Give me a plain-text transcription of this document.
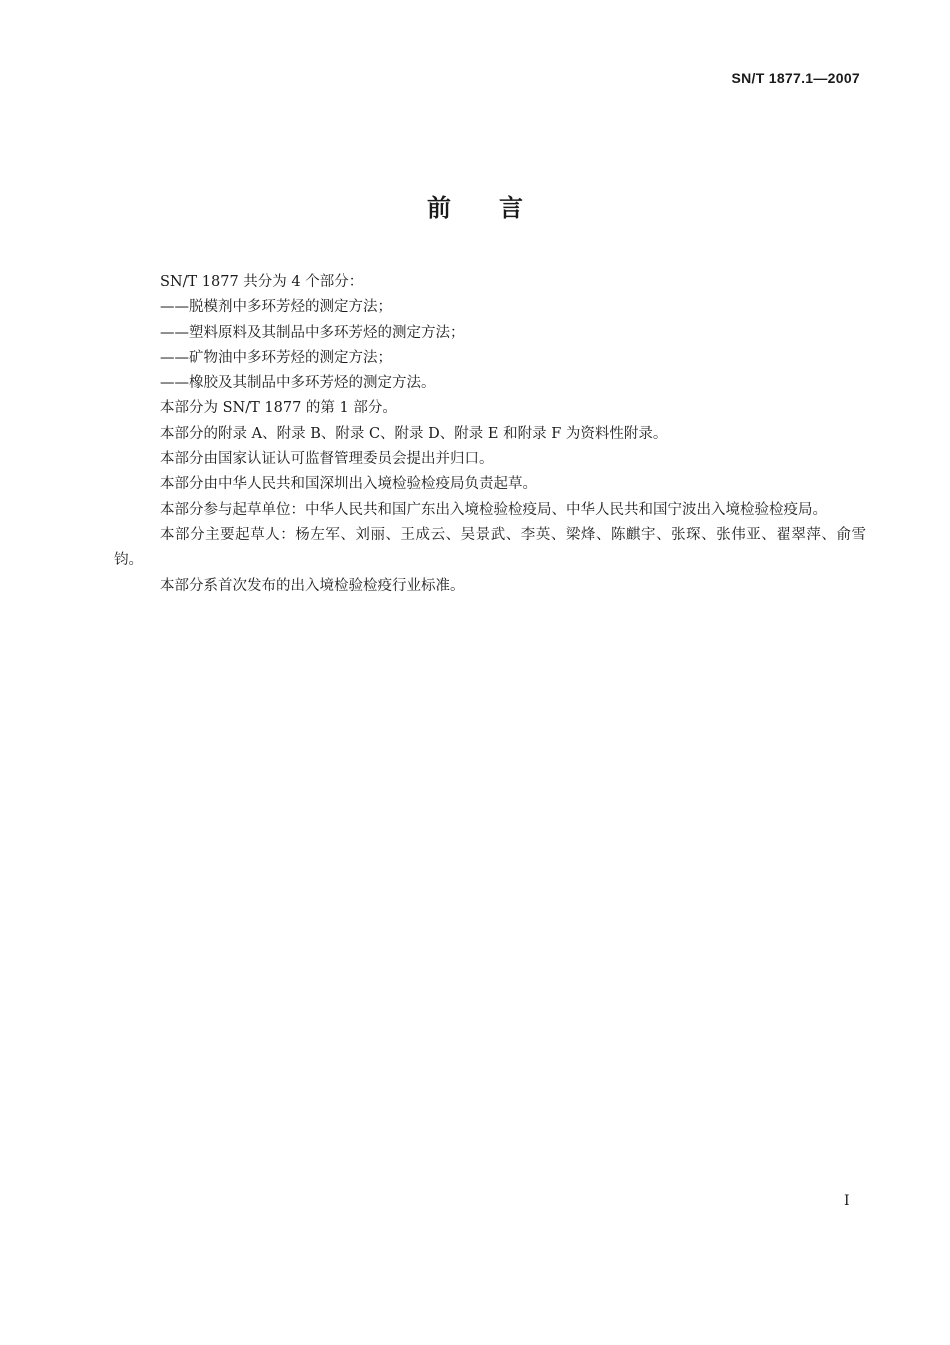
SN/T 1877.1—2007
前言

SN/T 1877 共分为 4 个部分：

——脱模剂中多环芳烃的测定方法；

——塑料原料及其制品中多环芳烃的测定方法；

——矿物油中多环芳烃的测定方法；

——橡胶及其制品中多环芳烃的测定方法。

本部分为 SN/T 1877 的第 1 部分。

本部分的附录 A、附录 B、附录 C、附录 D、附录 E 和附录 F 为资料性附录。

本部分由国家认证认可监督管理委员会提出并归口。

本部分由中华人民共和国深圳出入境检验检疫局负责起草。

本部分参与起草单位：中华人民共和国广东出入境检验检疫局、中华人民共和国宁波出入境检验检疫局。

本部分主要起草人：杨左军、刘丽、王成云、吴景武、李英、梁烽、陈麒宇、张琛、张伟亚、翟翠萍、俞雪钧。

本部分系首次发布的出入境检验检疫行业标准。

I
